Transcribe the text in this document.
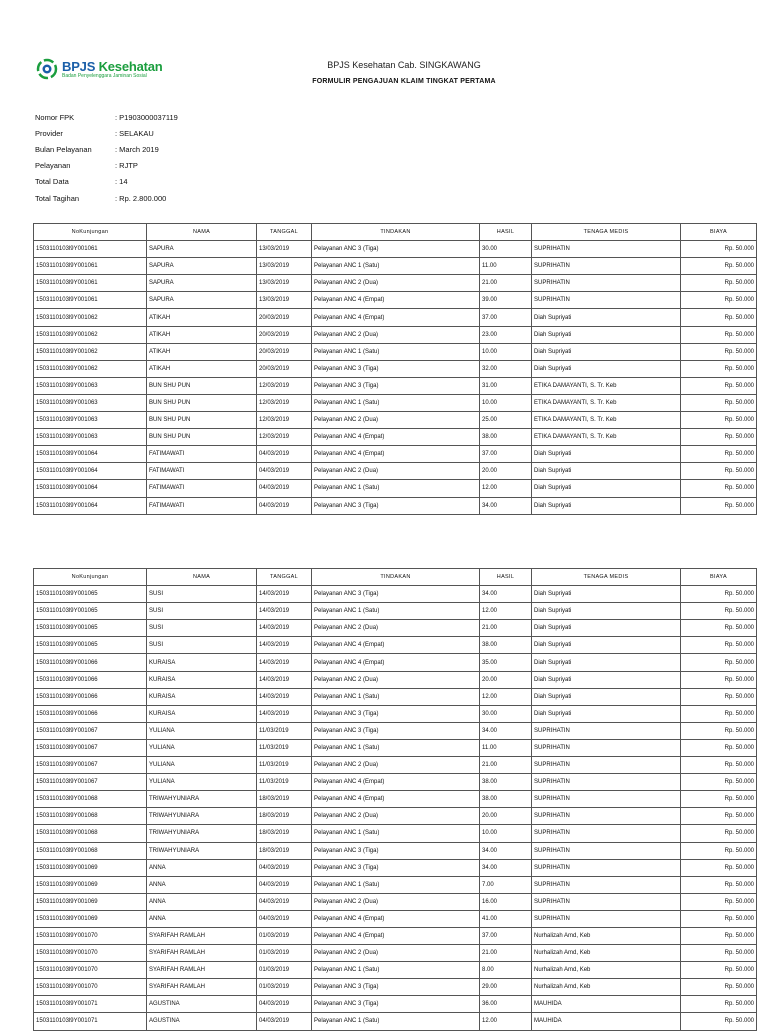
BPJS Kesehatan
Badan Penyelenggara Jaminan Sosial
BPJS Kesehatan Cab. SINGKAWANG
FORMULIR PENGAJUAN KLAIM TINGKAT PERTAMA
Nomor FPK	: P1903000037119
Provider	: SELAKAU
Bulan Pelayanan	: March 2019
Pelayanan	: RJTP
Total Data	: 14
Total Tagihan	: Rp. 2.800.000
NoKunjungan	NAMA	TANGGAL	TINDAKAN	HASIL	TENAGA MEDIS	BIAYA
1503110103l9Y001061	SAPURA	13/03/2019	Pelayanan ANC 3 (Tiga)	30.00	SUPRIHATIN	Rp. 50.000
1503110103l9Y001061	SAPURA	13/03/2019	Pelayanan ANC 1 (Satu)	11.00	SUPRIHATIN	Rp. 50.000
1503110103l9Y001061	SAPURA	13/03/2019	Pelayanan ANC 2 (Dua)	21.00	SUPRIHATIN	Rp. 50.000
1503110103l9Y001061	SAPURA	13/03/2019	Pelayanan ANC 4 (Empat)	39.00	SUPRIHATIN	Rp. 50.000
1503110103l9Y001062	ATIKAH	20/03/2019	Pelayanan ANC 4 (Empat)	37.00	Diah Supriyati	Rp. 50.000
1503110103l9Y001062	ATIKAH	20/03/2019	Pelayanan ANC 2 (Dua)	23.00	Diah Supriyati	Rp. 50.000
1503110103l9Y001062	ATIKAH	20/03/2019	Pelayanan ANC 1 (Satu)	10.00	Diah Supriyati	Rp. 50.000
1503110103l9Y001062	ATIKAH	20/03/2019	Pelayanan ANC 3 (Tiga)	32.00	Diah Supriyati	Rp. 50.000
1503110103l9Y001063	BUN SHU PUN	12/03/2019	Pelayanan ANC 3 (Tiga)	31.00	ETIKA DAMAYANTI, S. Tr. Keb	Rp. 50.000
1503110103l9Y001063	BUN SHU PUN	12/03/2019	Pelayanan ANC 1 (Satu)	10.00	ETIKA DAMAYANTI, S. Tr. Keb	Rp. 50.000
1503110103l9Y001063	BUN SHU PUN	12/03/2019	Pelayanan ANC 2 (Dua)	25.00	ETIKA DAMAYANTI, S. Tr. Keb	Rp. 50.000
1503110103l9Y001063	BUN SHU PUN	12/03/2019	Pelayanan ANC 4 (Empat)	38.00	ETIKA DAMAYANTI, S. Tr. Keb	Rp. 50.000
1503110103l9Y001064	FATIMAWATI	04/03/2019	Pelayanan ANC 4 (Empat)	37.00	Diah Supriyati	Rp. 50.000
1503110103l9Y001064	FATIMAWATI	04/03/2019	Pelayanan ANC 2 (Dua)	20.00	Diah Supriyati	Rp. 50.000
1503110103l9Y001064	FATIMAWATI	04/03/2019	Pelayanan ANC 1 (Satu)	12.00	Diah Supriyati	Rp. 50.000
1503110103l9Y001064	FATIMAWATI	04/03/2019	Pelayanan ANC 3 (Tiga)	34.00	Diah Supriyati	Rp. 50.000
NoKunjungan	NAMA	TANGGAL	TINDAKAN	HASIL	TENAGA MEDIS	BIAYA
1503110103l9Y001065	SUSI	14/03/2019	Pelayanan ANC 3 (Tiga)	34.00	Diah Supriyati	Rp. 50.000
1503110103l9Y001065	SUSI	14/03/2019	Pelayanan ANC 1 (Satu)	12.00	Diah Supriyati	Rp. 50.000
1503110103l9Y001065	SUSI	14/03/2019	Pelayanan ANC 2 (Dua)	21.00	Diah Supriyati	Rp. 50.000
1503110103l9Y001065	SUSI	14/03/2019	Pelayanan ANC 4 (Empat)	38.00	Diah Supriyati	Rp. 50.000
1503110103l9Y001066	KURAISA	14/03/2019	Pelayanan ANC 4 (Empat)	35.00	Diah Supriyati	Rp. 50.000
1503110103l9Y001066	KURAISA	14/03/2019	Pelayanan ANC 2 (Dua)	20.00	Diah Supriyati	Rp. 50.000
1503110103l9Y001066	KURAISA	14/03/2019	Pelayanan ANC 1 (Satu)	12.00	Diah Supriyati	Rp. 50.000
1503110103l9Y001066	KURAISA	14/03/2019	Pelayanan ANC 3 (Tiga)	30.00	Diah Supriyati	Rp. 50.000
1503110103l9Y001067	YULIANA	11/03/2019	Pelayanan ANC 3 (Tiga)	34.00	SUPRIHATIN	Rp. 50.000
1503110103l9Y001067	YULIANA	11/03/2019	Pelayanan ANC 1 (Satu)	11.00	SUPRIHATIN	Rp. 50.000
1503110103l9Y001067	YULIANA	11/03/2019	Pelayanan ANC 2 (Dua)	21.00	SUPRIHATIN	Rp. 50.000
1503110103l9Y001067	YULIANA	11/03/2019	Pelayanan ANC 4 (Empat)	38.00	SUPRIHATIN	Rp. 50.000
1503110103l9Y001068	TRIWAHYUNIARA	18/03/2019	Pelayanan ANC 4 (Empat)	38.00	SUPRIHATIN	Rp. 50.000
1503110103l9Y001068	TRIWAHYUNIARA	18/03/2019	Pelayanan ANC 2 (Dua)	20.00	SUPRIHATIN	Rp. 50.000
1503110103l9Y001068	TRIWAHYUNIARA	18/03/2019	Pelayanan ANC 1 (Satu)	10.00	SUPRIHATIN	Rp. 50.000
1503110103l9Y001068	TRIWAHYUNIARA	18/03/2019	Pelayanan ANC 3 (Tiga)	34.00	SUPRIHATIN	Rp. 50.000
1503110103l9Y001069	ANNA	04/03/2019	Pelayanan ANC 3 (Tiga)	34.00	SUPRIHATIN	Rp. 50.000
1503110103l9Y001069	ANNA	04/03/2019	Pelayanan ANC 1 (Satu)	7.00	SUPRIHATIN	Rp. 50.000
1503110103l9Y001069	ANNA	04/03/2019	Pelayanan ANC 2 (Dua)	16.00	SUPRIHATIN	Rp. 50.000
1503110103l9Y001069	ANNA	04/03/2019	Pelayanan ANC 4 (Empat)	41.00	SUPRIHATIN	Rp. 50.000
1503110103l9Y001070	SYARIFAH RAMLAH	01/03/2019	Pelayanan ANC 4 (Empat)	37.00	Nurhalizah Amd, Keb	Rp. 50.000
1503110103l9Y001070	SYARIFAH RAMLAH	01/03/2019	Pelayanan ANC 2 (Dua)	21.00	Nurhalizah Amd, Keb	Rp. 50.000
1503110103l9Y001070	SYARIFAH RAMLAH	01/03/2019	Pelayanan ANC 1 (Satu)	8.00	Nurhalizah Amd, Keb	Rp. 50.000
1503110103l9Y001070	SYARIFAH RAMLAH	01/03/2019	Pelayanan ANC 3 (Tiga)	29.00	Nurhalizah Amd, Keb	Rp. 50.000
1503110103l9Y001071	AGUSTINA	04/03/2019	Pelayanan ANC 3 (Tiga)	36.00	MAUHIDA	Rp. 50.000
1503110103l9Y001071	AGUSTINA	04/03/2019	Pelayanan ANC 1 (Satu)	12.00	MAUHIDA	Rp. 50.000
